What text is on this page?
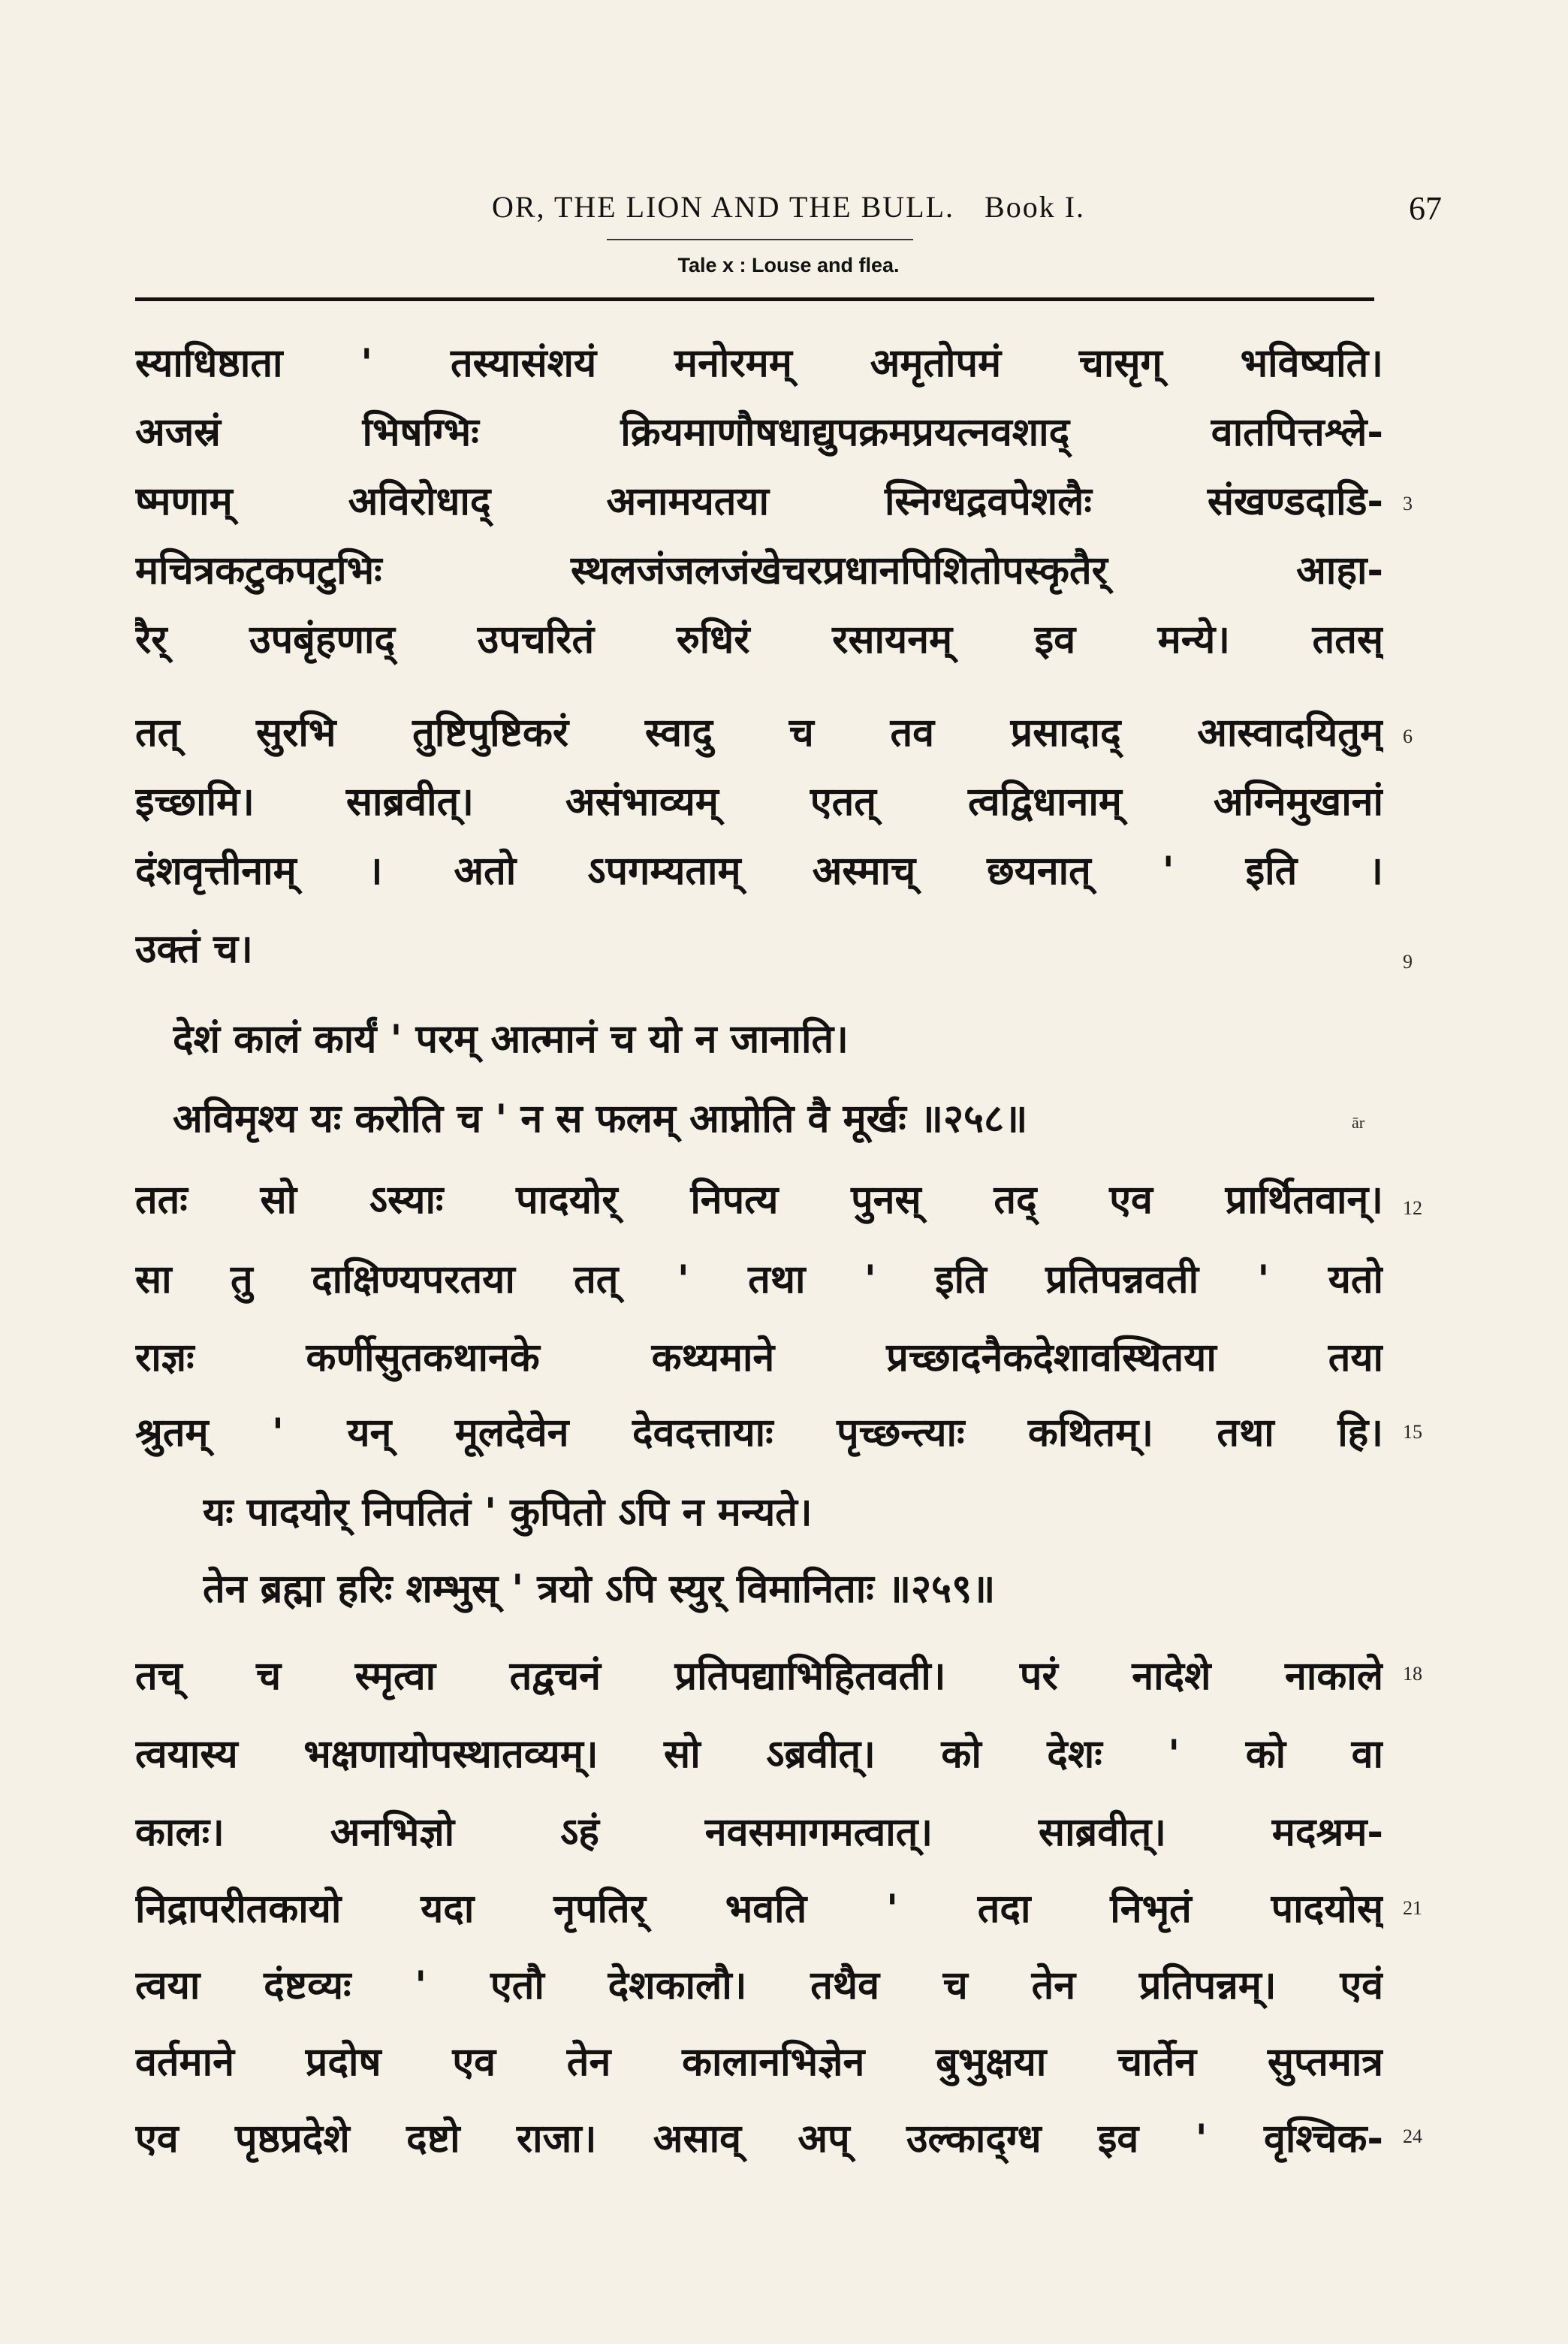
OR, THE LION AND THE BULL. Book I.	67
Tale x : Louse and flea.
स्याधिष्ठाता ' तस्यासंशयं मनोरमम् अमृतोपमं चासृग् भविष्यति।
अजस्रं भिषग्भिः क्रियमाणौषधाद्युपक्रमप्रयत्नवशाद् वातपित्तश्ले-
ष्मणाम् अविरोधाद् अनामयतया स्निग्धद्रवपेशलैः संखण्डदाडि-
मचित्रकटुकपटुभिः स्थलजंजलजंखेचरप्रधानपिशितोपस्कृतैर् आहा-
रैर् उपबृंहणाद् उपचरितं रुधिरं रसायनम् इव मन्ये। ततस्
तत् सुरभि तुष्टिपुष्टिकरं स्वादु च तव प्रसादाद् आस्वादयितुम्
इच्छामि। साब्रवीत्। असंभाव्यम् एतत् त्वद्विधानाम् अग्निमुखानां
दंशवृत्तीनाम् । अतो ऽपगम्यताम् अस्माच् छयनात् ' इति ।
उक्तं च।
देशं कालं कार्यं ' परम् आत्मानं च यो न जानाति।
अविमृश्य यः करोति च ' न स फलम् आप्नोति वै मूर्खः ॥२५८॥
ततः सो ऽस्याः पादयोर् निपत्य पुनस् तद् एव प्रार्थितवान्।
सा तु दाक्षिण्यपरतया तत् ' तथा ' इति प्रतिपन्नवती ' यतो
राज्ञः कर्णीसुतकथानके कथ्यमाने प्रच्छादनैकदेशावस्थितया तया
श्रुतम् ' यन् मूलदेवेन देवदत्तायाः पृच्छन्त्याः कथितम्। तथा हि।
यः पादयोर् निपतितं ' कुपितो ऽपि न मन्यते।
तेन ब्रह्मा हरिः शम्भुस् ' त्रयो ऽपि स्युर् विमानिताः ॥२५९॥
तच् च स्मृत्वा तद्वचनं प्रतिपद्याभिहितवती। परं नादेशे नाकाले
त्वयास्य भक्षणायोपस्थातव्यम्। सो ऽब्रवीत्। को देशः ' को वा
कालः। अनभिज्ञो ऽहं नवसमागमत्वात्। साब्रवीत्। मदश्रम-
निद्रापरीतकायो यदा नृपतिर् भवति ' तदा निभृतं पादयोस्
त्वया दंष्टव्यः ' एतौ देशकालौ। तथैव च तेन प्रतिपन्नम्। एवं
वर्तमाने प्रदोष एव तेन कालानभिज्ञेन बुभुक्षया चार्तेन सुप्तमात्र
एव पृष्ठप्रदेशे दष्टो राजा। असाव् अप् उल्काद्ग्ध इव ' वृश्चिक-
3
6
9
ār
12
15
18
21
24
